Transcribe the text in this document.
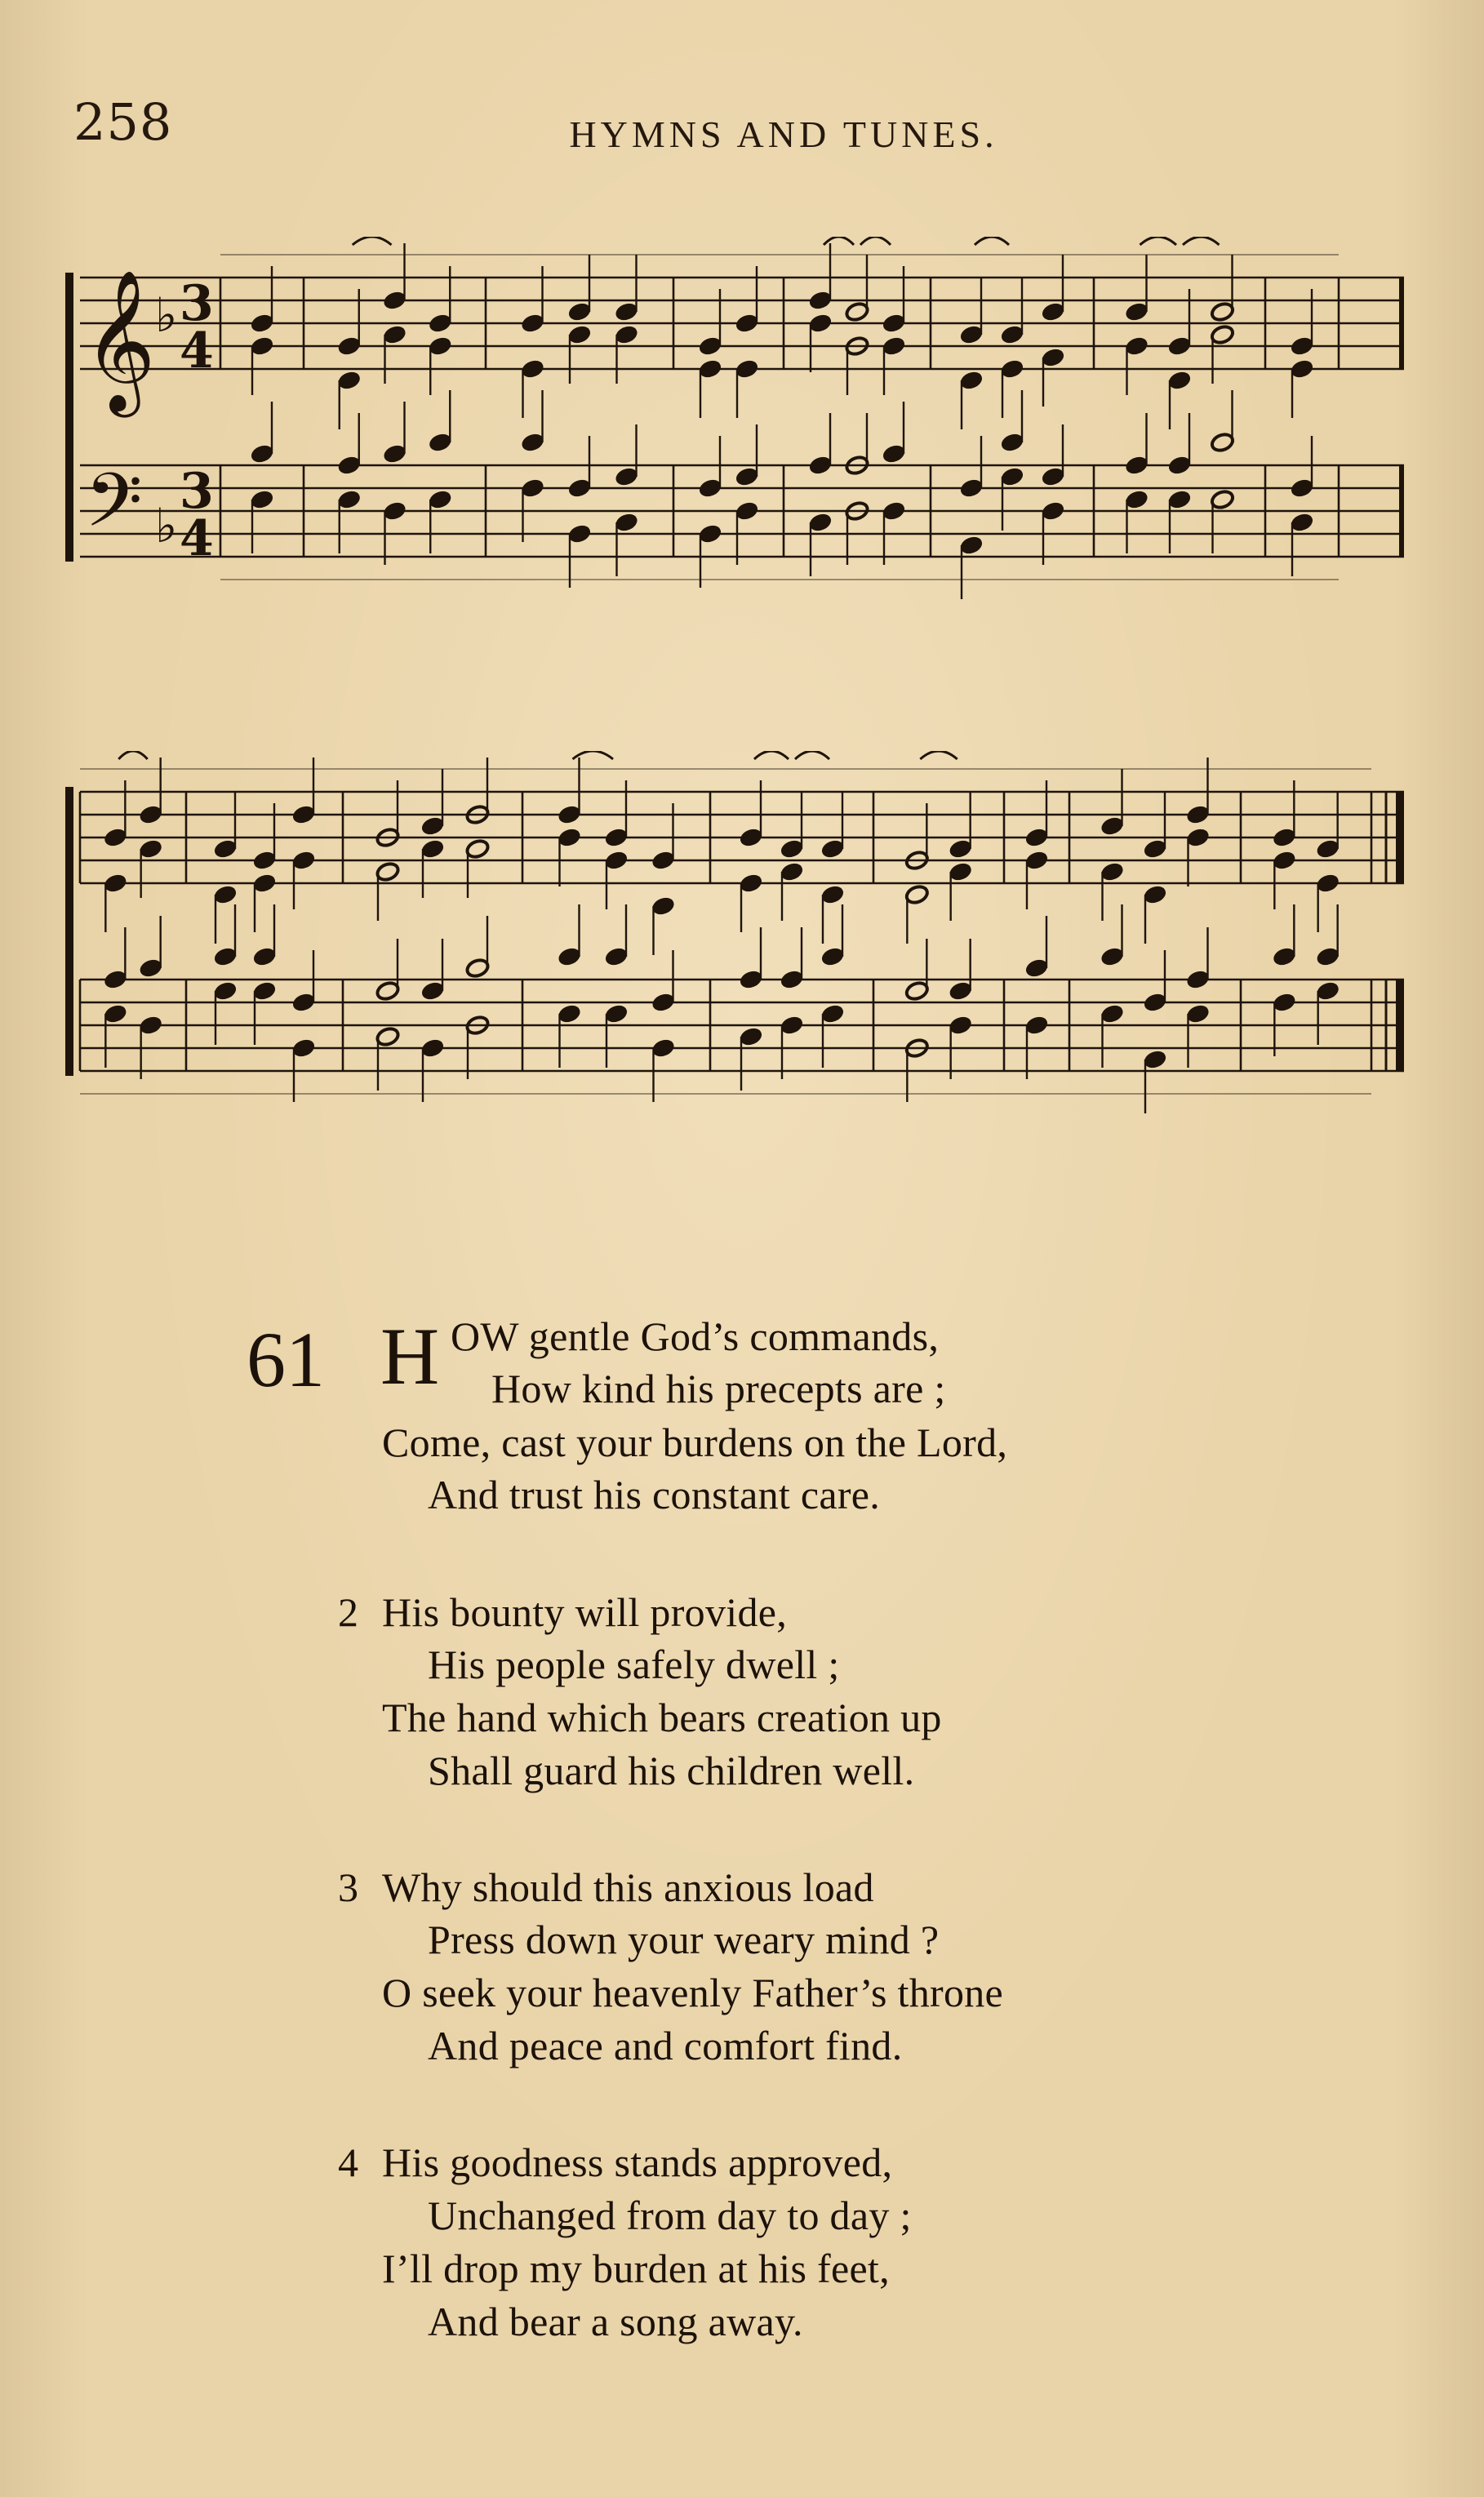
258	HYMNS AND TUNES.
𝄞
𝄢
♭
♭
3
4
3
4
61 H OW gentle God’s commands,
How kind his precepts are ;
Come, cast your burdens on the Lord,
And trust his constant care.
2 His bounty will provide,
His people safely dwell ;
The hand which bears creation up
Shall guard his children well.
3 Why should this anxious load
Press down your weary mind ?
O seek your heavenly Father’s throne
And peace and comfort find.
4 His goodness stands approved,
Unchanged from day to day ;
I’ll drop my burden at his feet,
And bear a song away.
